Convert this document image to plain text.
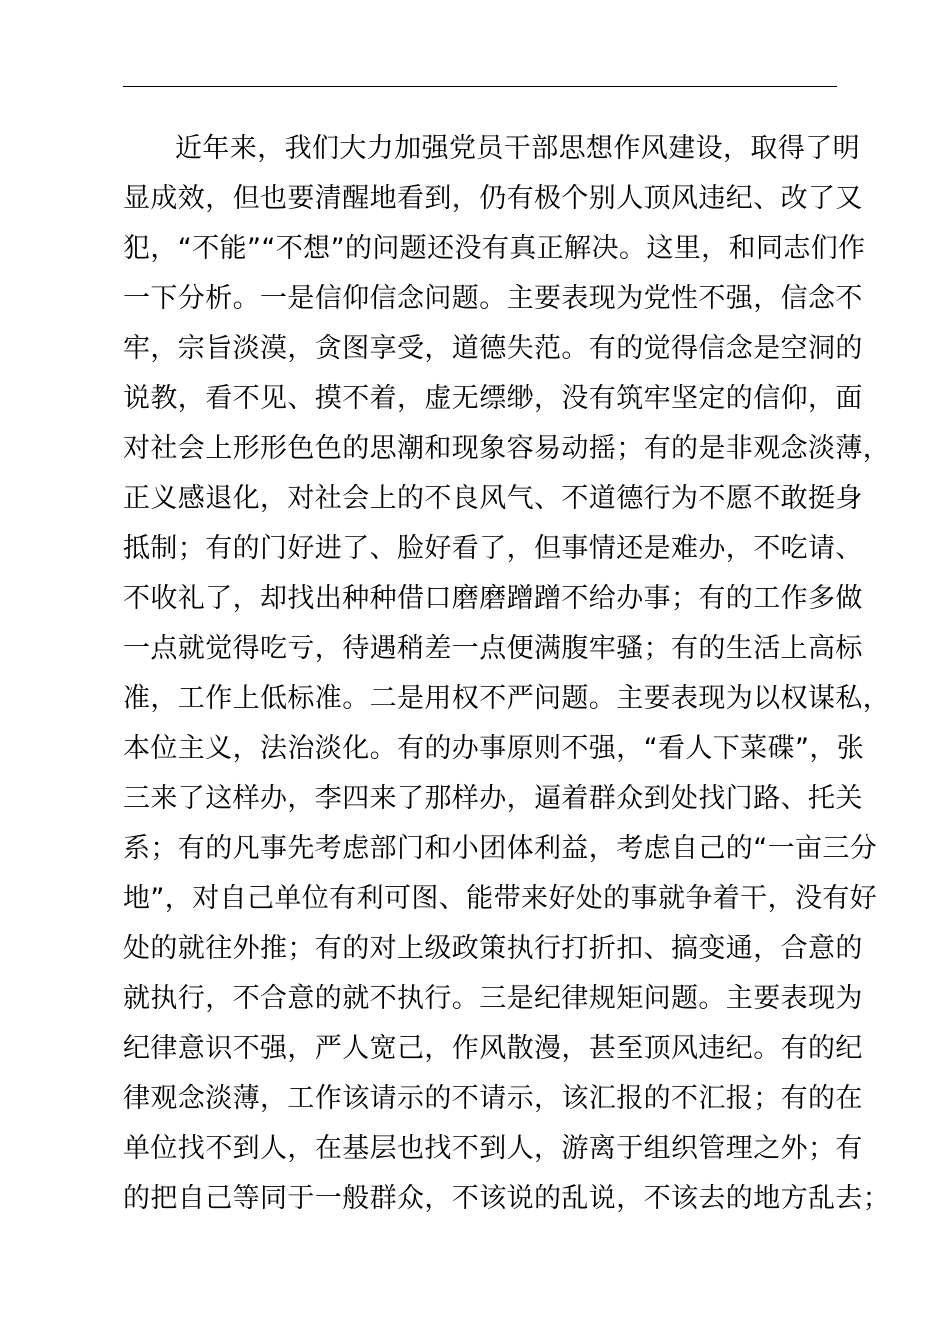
近年来，我们大力加强党员干部思想作风建设，取得了明
显成效，但也要清醒地看到，仍有极个别人顶风违纪、改了又
犯，“不能”“不想”的问题还没有真正解决。这里，和同志们作
一下分析。一是信仰信念问题。主要表现为党性不强，信念不
牢，宗旨淡漠，贪图享受，道德失范。有的觉得信念是空洞的
说教，看不见、摸不着，虚无缥缈，没有筑牢坚定的信仰，面
对社会上形形色色的思潮和现象容易动摇；有的是非观念淡薄，
正义感退化，对社会上的不良风气、不道德行为不愿不敢挺身
抵制；有的门好进了、脸好看了，但事情还是难办，不吃请、
不收礼了，却找出种种借口磨磨蹭蹭不给办事；有的工作多做
一点就觉得吃亏，待遇稍差一点便满腹牢骚；有的生活上高标
准，工作上低标准。二是用权不严问题。主要表现为以权谋私，
本位主义，法治淡化。有的办事原则不强，“看人下菜碟”，张
三来了这样办，李四来了那样办，逼着群众到处找门路、托关
系；有的凡事先考虑部门和小团体利益，考虑自己的“一亩三分
地”，对自己单位有利可图、能带来好处的事就争着干，没有好
处的就往外推；有的对上级政策执行打折扣、搞变通，合意的
就执行，不合意的就不执行。三是纪律规矩问题。主要表现为
纪律意识不强，严人宽己，作风散漫，甚至顶风违纪。有的纪
律观念淡薄，工作该请示的不请示，该汇报的不汇报；有的在
单位找不到人，在基层也找不到人，游离于组织管理之外；有
的把自己等同于一般群众，不该说的乱说，不该去的地方乱去；
